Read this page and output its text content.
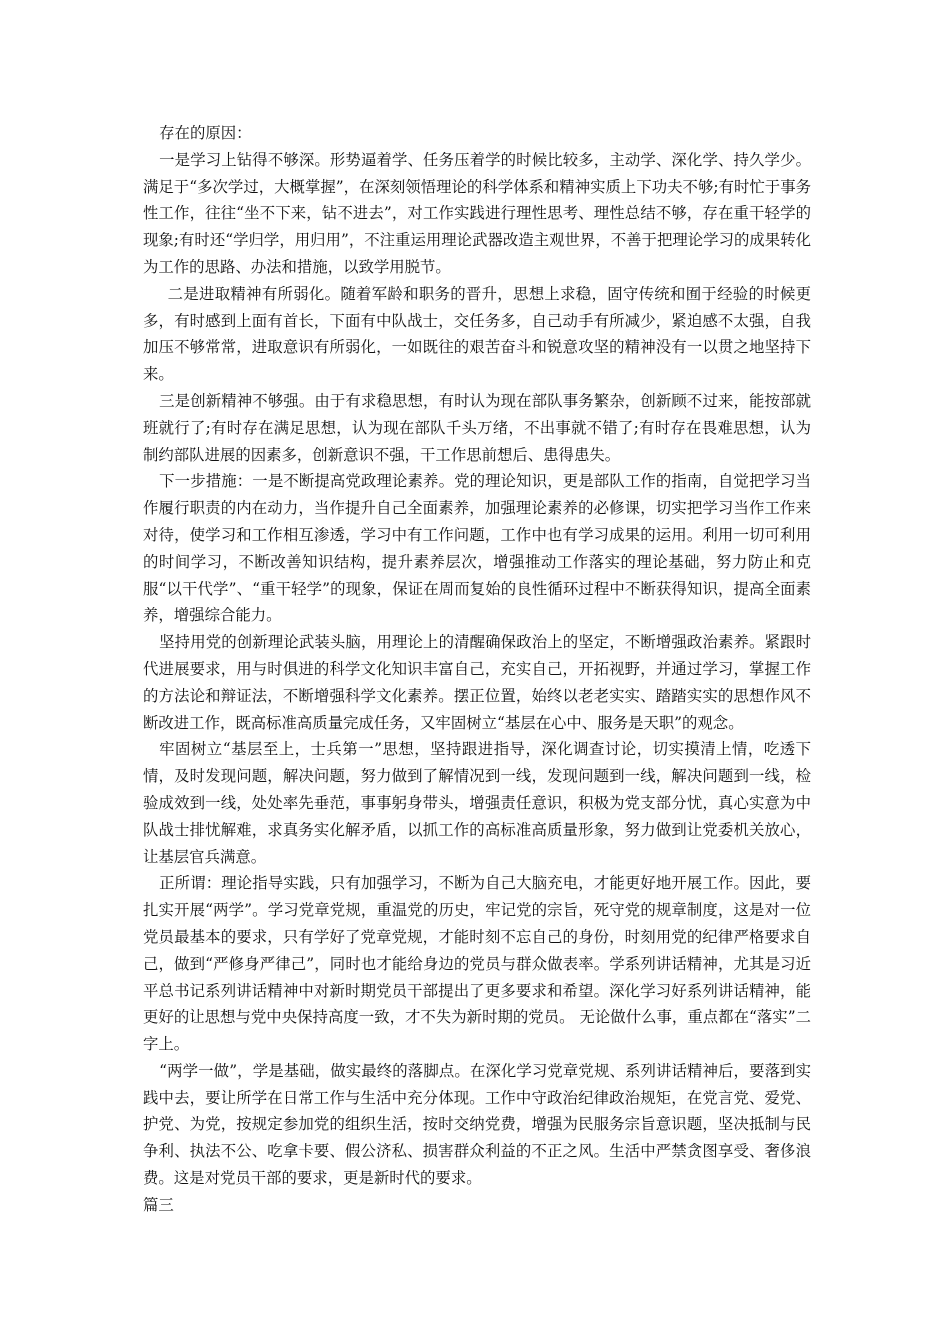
存在的原因：

一是学习上钻得不够深。形势逼着学、任务压着学的时候比较多，主动学、深化学、持久学少。满足于“多次学过，大概掌握”，在深刻领悟理论的科学体系和精神实质上下功夫不够;有时忙于事务性工作，往往“坐不下来，钻不进去”，对工作实践进行理性思考、理性总结不够，存在重干轻学的现象;有时还“学归学，用归用”，不注重运用理论武器改造主观世界，不善于把理论学习的成果转化为工作的思路、办法和措施，以致学用脱节。

二是进取精神有所弱化。随着军龄和职务的晋升，思想上求稳，固守传统和囿于经验的时候更多，有时感到上面有首长，下面有中队战士，交任务多，自己动手有所减少，紧迫感不太强，自我加压不够常常，进取意识有所弱化，一如既往的艰苦奋斗和锐意攻坚的精神没有一以贯之地坚持下来。

三是创新精神不够强。由于有求稳思想，有时认为现在部队事务繁杂，创新顾不过来，能按部就班就行了;有时存在满足思想，认为现在部队千头万绪，不出事就不错了;有时存在畏难思想，认为制约部队进展的因素多，创新意识不强，干工作思前想后、患得患失。

下一步措施：一是不断提高党政理论素养。党的理论知识，更是部队工作的指南，自觉把学习当作履行职责的内在动力，当作提升自己全面素养，加强理论素养的必修课，切实把学习当作工作来对待，使学习和工作相互渗透，学习中有工作问题，工作中也有学习成果的运用。利用一切可利用的时间学习，不断改善知识结构，提升素养层次，增强推动工作落实的理论基础，努力防止和克服“以干代学”、“重干轻学”的现象，保证在周而复始的良性循环过程中不断获得知识，提高全面素养，增强综合能力。

坚持用党的创新理论武装头脑，用理论上的清醒确保政治上的坚定，不断增强政治素养。紧跟时代进展要求，用与时俱进的科学文化知识丰富自己，充实自己，开拓视野，并通过学习，掌握工作的方法论和辩证法，不断增强科学文化素养。摆正位置，始终以老老实实、踏踏实实的思想作风不断改进工作，既高标准高质量完成任务，又牢固树立“基层在心中、服务是天职”的观念。

牢固树立“基层至上，士兵第一”思想，坚持跟进指导，深化调查讨论，切实摸清上情，吃透下情，及时发现问题，解决问题，努力做到了解情况到一线，发现问题到一线，解决问题到一线，检验成效到一线，处处率先垂范，事事躬身带头，增强责任意识，积极为党支部分忧，真心实意为中队战士排忧解难，求真务实化解矛盾，以抓工作的高标准高质量形象，努力做到让党委机关放心，让基层官兵满意。

正所谓：理论指导实践，只有加强学习，不断为自己大脑充电，才能更好地开展工作。因此，要扎实开展“两学”。学习党章党规，重温党的历史，牢记党的宗旨，死守党的规章制度，这是对一位党员最基本的要求，只有学好了党章党规，才能时刻不忘自己的身份，时刻用党的纪律严格要求自己，做到“严修身严律己”，同时也才能给身边的党员与群众做表率。学系列讲话精神，尤其是习近平总书记系列讲话精神中对新时期党员干部提出了更多要求和希望。深化学习好系列讲话精神，能更好的让思想与党中央保持高度一致，才不失为新时期的党员。 无论做什么事，重点都在“落实”二字上。

“两学一做”，学是基础，做实最终的落脚点。在深化学习党章党规、系列讲话精神后，要落到实践中去，要让所学在日常工作与生活中充分体现。工作中守政治纪律政治规矩，在党言党、爱党、护党、为党，按规定参加党的组织生活，按时交纳党费，增强为民服务宗旨意识题，坚决抵制与民争利、执法不公、吃拿卡要、假公济私、损害群众利益的不正之风。生活中严禁贪图享受、奢侈浪费。这是对党员干部的要求，更是新时代的要求。

篇三
